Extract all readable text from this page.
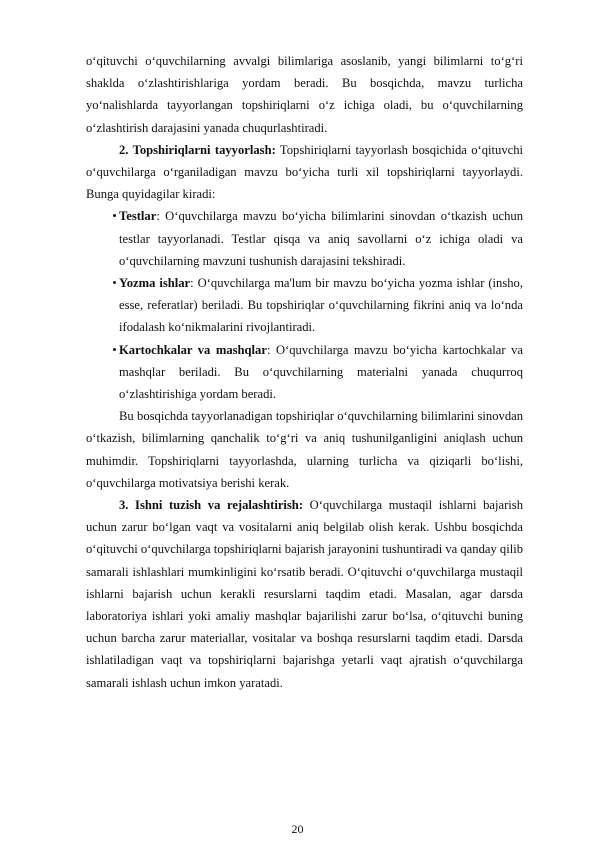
o‘qituvchi o‘quvchilarning avvalgi bilimlariga asoslanib, yangi bilimlarni to‘g‘ri shaklda o‘zlashtirishlariga yordam beradi. Bu bosqichda, mavzu turlicha yo‘nalishlarda tayyorlangan topshiriqlarni o‘z ichiga oladi, bu o‘quvchilarning o‘zlashtirish darajasini yanada chuqurlashtiradi.

2. Topshiriqlarni tayyorlash: Topshiriqlarni tayyorlash bosqichida o‘qituvchi o‘quvchilarga o‘rganiladigan mavzu bo‘yicha turli xil topshiriqlarni tayyorlaydi. Bunga quyidagilar kiradi:

Testlar: O‘quvchilarga mavzu bo‘yicha bilimlarini sinovdan o‘tkazish uchun testlar tayyorlanadi. Testlar qisqa va aniq savollarni o‘z ichiga oladi va o‘quvchilarning mavzuni tushunish darajasini tekshiradi.

Yozma ishlar: O‘quvchilarga ma'lum bir mavzu bo‘yicha yozma ishlar (insho, esse, referatlar) beriladi. Bu topshiriqlar o‘quvchilarning fikrini aniq va lo‘nda ifodalash ko‘nikmalarini rivojlantiradi.

Kartochkalar va mashqlar: O‘quvchilarga mavzu bo‘yicha kartochkalar va mashqlar beriladi. Bu o‘quvchilarning materialni yanada chuqurroq o‘zlashtirishiga yordam beradi.

Bu bosqichda tayyorlanadigan topshiriqlar o‘quvchilarning bilimlarini sinovdan o‘tkazish, bilimlarning qanchalik to‘g‘ri va aniq tushunilganligini aniqlash uchun muhimdir. Topshiriqlarni tayyorlashda, ularning turlicha va qiziqarli bo‘lishi, o‘quvchilarga motivatsiya berishi kerak.

3. Ishni tuzish va rejalashtirish: O‘quvchilarga mustaqil ishlarni bajarish uchun zarur bo‘lgan vaqt va vositalarni aniq belgilab olish kerak. Ushbu bosqichda o‘qituvchi o‘quvchilarga topshiriqlarni bajarish jarayonini tushuntiradi va qanday qilib samarali ishlashlari mumkinligini ko‘rsatib beradi. O‘qituvchi o‘quvchilarga mustaqil ishlarni bajarish uchun kerakli resurslarni taqdim etadi. Masalan, agar darsda laboratoriya ishlari yoki amaliy mashqlar bajarilishi zarur bo‘lsa, o‘qituvchi buning uchun barcha zarur materiallar, vositalar va boshqa resurslarni taqdim etadi. Darsda ishlatiladigan vaqt va topshiriqlarni bajarishga yetarli vaqt ajratish o‘quvchilarga samarali ishlash uchun imkon yaratadi.

20
